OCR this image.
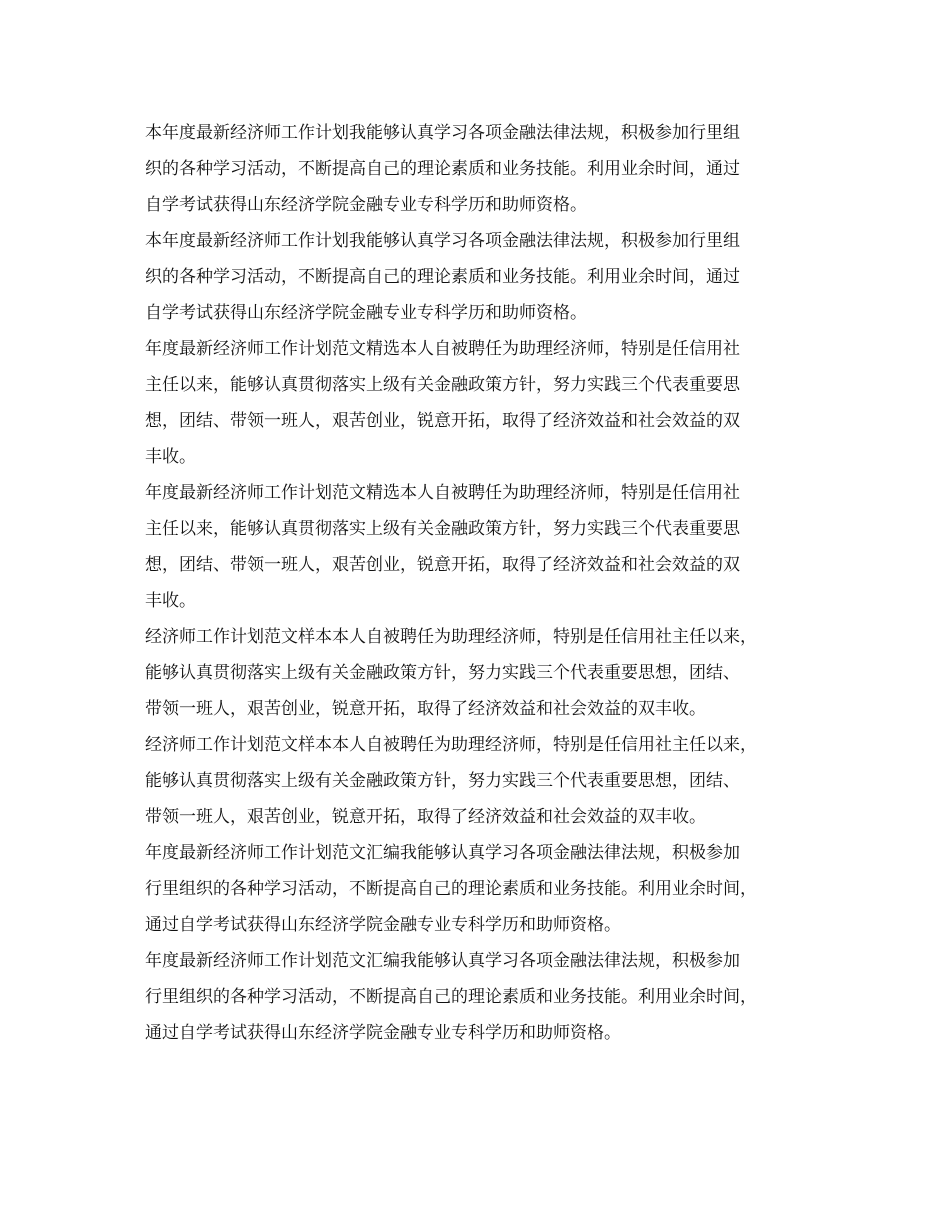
本年度最新经济师工作计划我能够认真学习各项金融法律法规，积极参加行里组
织的各种学习活动，不断提高自己的理论素质和业务技能。利用业余时间，通过
自学考试获得山东经济学院金融专业专科学历和助师资格。

本年度最新经济师工作计划我能够认真学习各项金融法律法规，积极参加行里组
织的各种学习活动，不断提高自己的理论素质和业务技能。利用业余时间，通过
自学考试获得山东经济学院金融专业专科学历和助师资格。

年度最新经济师工作计划范文精选本人自被聘任为助理经济师，特别是任信用社
主任以来，能够认真贯彻落实上级有关金融政策方针，努力实践三个代表重要思
想，团结、带领一班人，艰苦创业，锐意开拓，取得了经济效益和社会效益的双
丰收。

年度最新经济师工作计划范文精选本人自被聘任为助理经济师，特别是任信用社
主任以来，能够认真贯彻落实上级有关金融政策方针，努力实践三个代表重要思
想，团结、带领一班人，艰苦创业，锐意开拓，取得了经济效益和社会效益的双
丰收。

经济师工作计划范文样本本人自被聘任为助理经济师，特别是任信用社主任以来，
能够认真贯彻落实上级有关金融政策方针，努力实践三个代表重要思想，团结、
带领一班人，艰苦创业，锐意开拓，取得了经济效益和社会效益的双丰收。

经济师工作计划范文样本本人自被聘任为助理经济师，特别是任信用社主任以来，
能够认真贯彻落实上级有关金融政策方针，努力实践三个代表重要思想，团结、
带领一班人，艰苦创业，锐意开拓，取得了经济效益和社会效益的双丰收。

年度最新经济师工作计划范文汇编我能够认真学习各项金融法律法规，积极参加
行里组织的各种学习活动，不断提高自己的理论素质和业务技能。利用业余时间，
通过自学考试获得山东经济学院金融专业专科学历和助师资格。

年度最新经济师工作计划范文汇编我能够认真学习各项金融法律法规，积极参加
行里组织的各种学习活动，不断提高自己的理论素质和业务技能。利用业余时间，
通过自学考试获得山东经济学院金融专业专科学历和助师资格。
